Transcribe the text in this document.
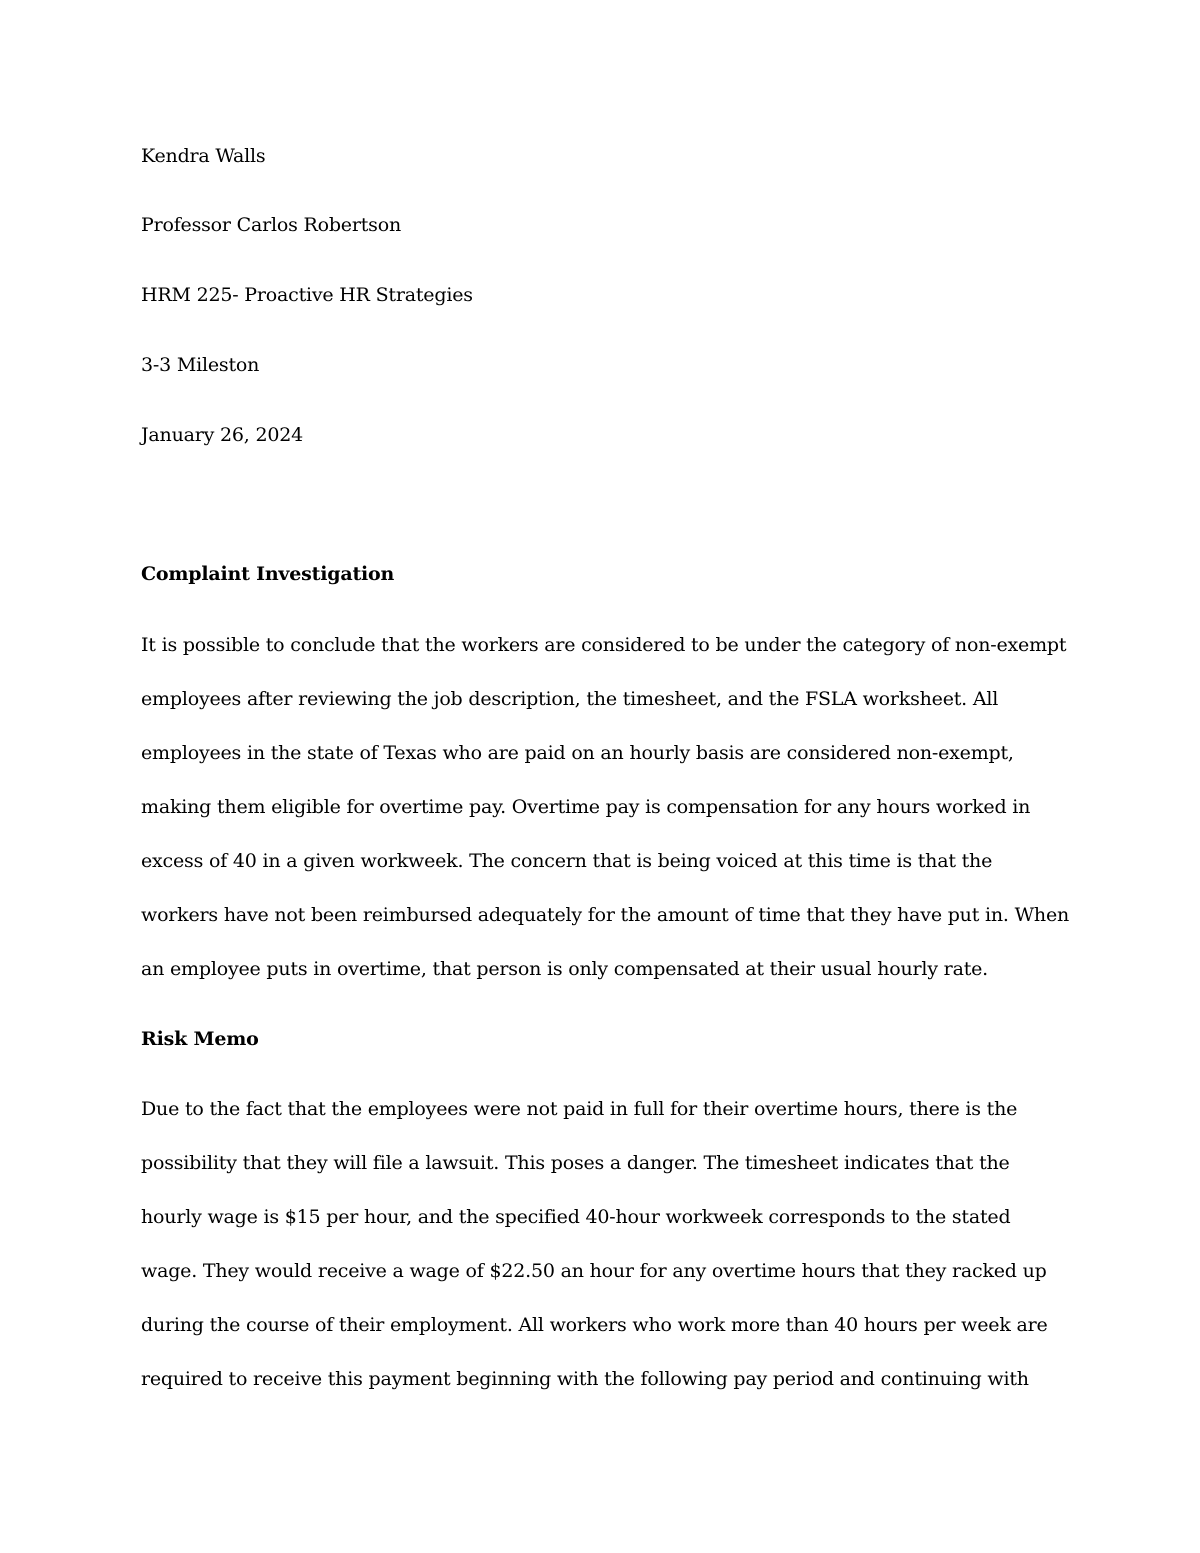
Kendra Walls
Professor Carlos Robertson
HRM 225- Proactive HR Strategies
3-3 Mileston
January 26, 2024
Complaint Investigation
It is possible to conclude that the workers are considered to be under the category of non-exempt
employees after reviewing the job description, the timesheet, and the FSLA worksheet. All
employees in the state of Texas who are paid on an hourly basis are considered non-exempt,
making them eligible for overtime pay. Overtime pay is compensation for any hours worked in
excess of 40 in a given workweek. The concern that is being voiced at this time is that the
workers have not been reimbursed adequately for the amount of time that they have put in. When
an employee puts in overtime, that person is only compensated at their usual hourly rate.
Risk Memo
Due to the fact that the employees were not paid in full for their overtime hours, there is the
possibility that they will file a lawsuit. This poses a danger. The timesheet indicates that the
hourly wage is $15 per hour, and the specified 40-hour workweek corresponds to the stated
wage. They would receive a wage of $22.50 an hour for any overtime hours that they racked up
during the course of their employment. All workers who work more than 40 hours per week are
required to receive this payment beginning with the following pay period and continuing with
